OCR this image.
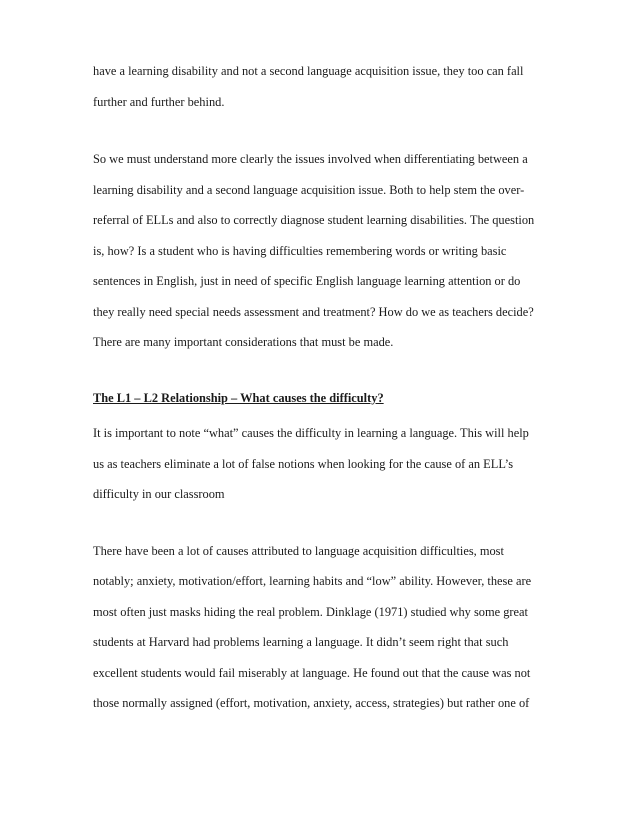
have a learning disability and not a second language acquisition issue, they too can fall
further and further behind.
So we must understand more clearly the issues involved when differentiating between a
learning disability and a second language acquisition issue. Both to help stem the over-
referral of ELLs and also to correctly diagnose student learning disabilities. The question
is, how? Is a student who is having difficulties remembering words or writing basic
sentences in English, just in need of specific English language learning attention or do
they really need special needs assessment and treatment? How do we as teachers decide?
There are many important considerations that must be made.
The L1 – L2 Relationship – What causes the difficulty?
It is important to note “what” causes the difficulty in learning a language. This will help
us as teachers eliminate a lot of false notions when looking for the cause of an ELL’s
difficulty in our classroom
There have been a lot of causes attributed to language acquisition difficulties, most
notably; anxiety, motivation/effort, learning habits and “low” ability. However, these are
most often just masks hiding the real problem. Dinklage (1971) studied why some great
students at Harvard had problems learning a language. It didn’t seem right that such
excellent students would fail miserably at language. He found out that the cause was not
those normally assigned (effort, motivation, anxiety, access, strategies) but rather one of
